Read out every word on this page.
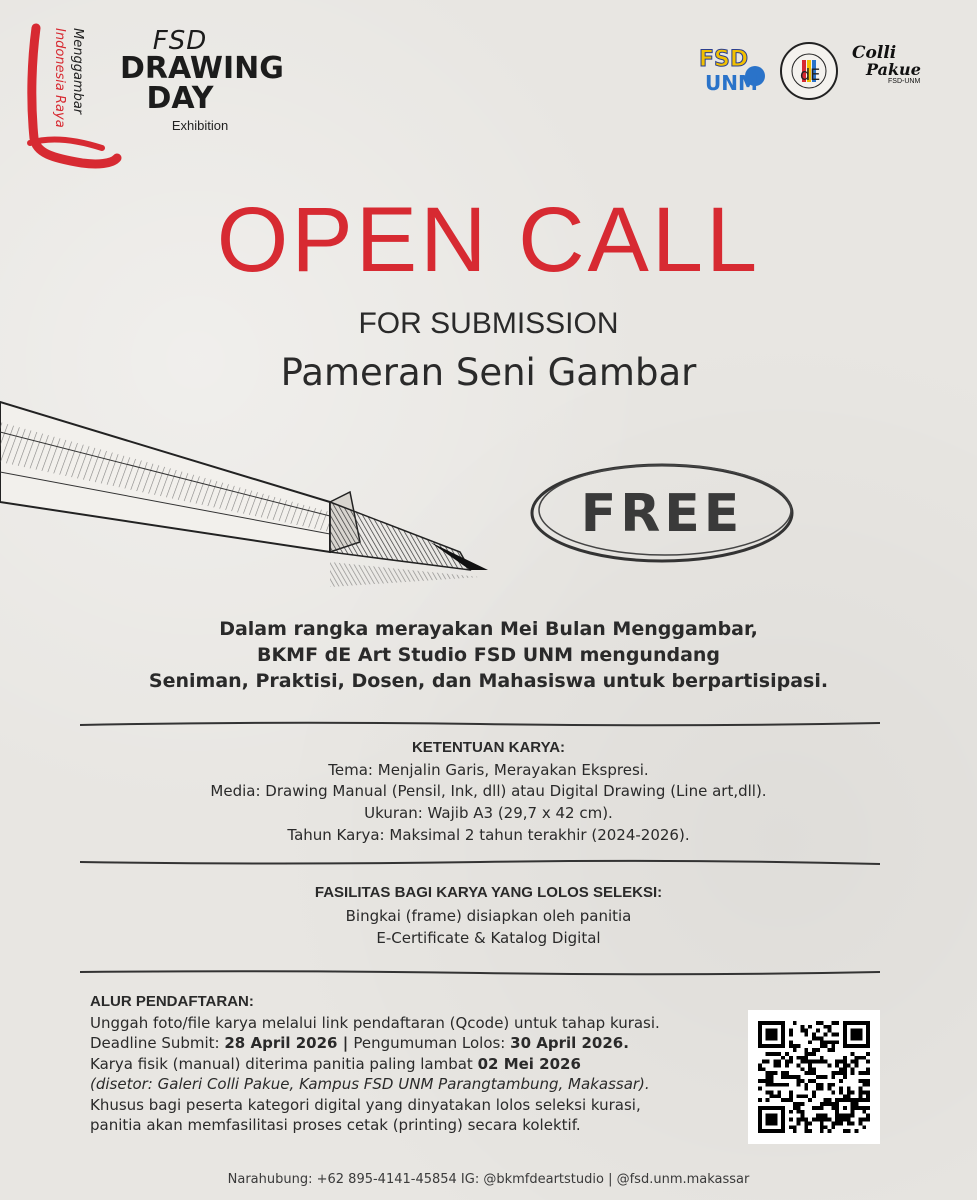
Indonesia Raya Menggambar	FSD
DRAWING
DAY
Exhibition
FSD
UNM	dE
Colli
Pakue
FSD-UNM
OPEN CALL
FOR SUBMISSION
Pameran Seni Gambar
FREE
Dalam rangka merayakan Mei Bulan Menggambar,
BKMF dE Art Studio FSD UNM mengundang
Seniman, Praktisi, Dosen, dan Mahasiswa untuk berpartisipasi.
KETENTUAN KARYA:
Tema: Menjalin Garis, Merayakan Ekspresi.
Media: Drawing Manual (Pensil, Ink, dll) atau Digital Drawing (Line art,dll).
Ukuran: Wajib A3 (29,7 x 42 cm).
Tahun Karya: Maksimal 2 tahun terakhir (2024-2026).
FASILITAS BAGI KARYA YANG LOLOS SELEKSI:
Bingkai (frame) disiapkan oleh panitia
E-Certificate & Katalog Digital
ALUR PENDAFTARAN:
Unggah foto/file karya melalui link pendaftaran (Qcode) untuk tahap kurasi.
Deadline Submit: 28 April 2026 | Pengumuman Lolos: 30 April 2026.
Karya fisik (manual) diterima panitia paling lambat 02 Mei 2026
(disetor: Galeri Colli Pakue, Kampus FSD UNM Parangtambung, Makassar).
Khusus bagi peserta kategori digital yang dinyatakan lolos seleksi kurasi,
panitia akan memfasilitasi proses cetak (printing) secara kolektif.
Narahubung: +62 895-4141-45854 IG: @bkmfdeartstudio | @fsd.unm.makassar
